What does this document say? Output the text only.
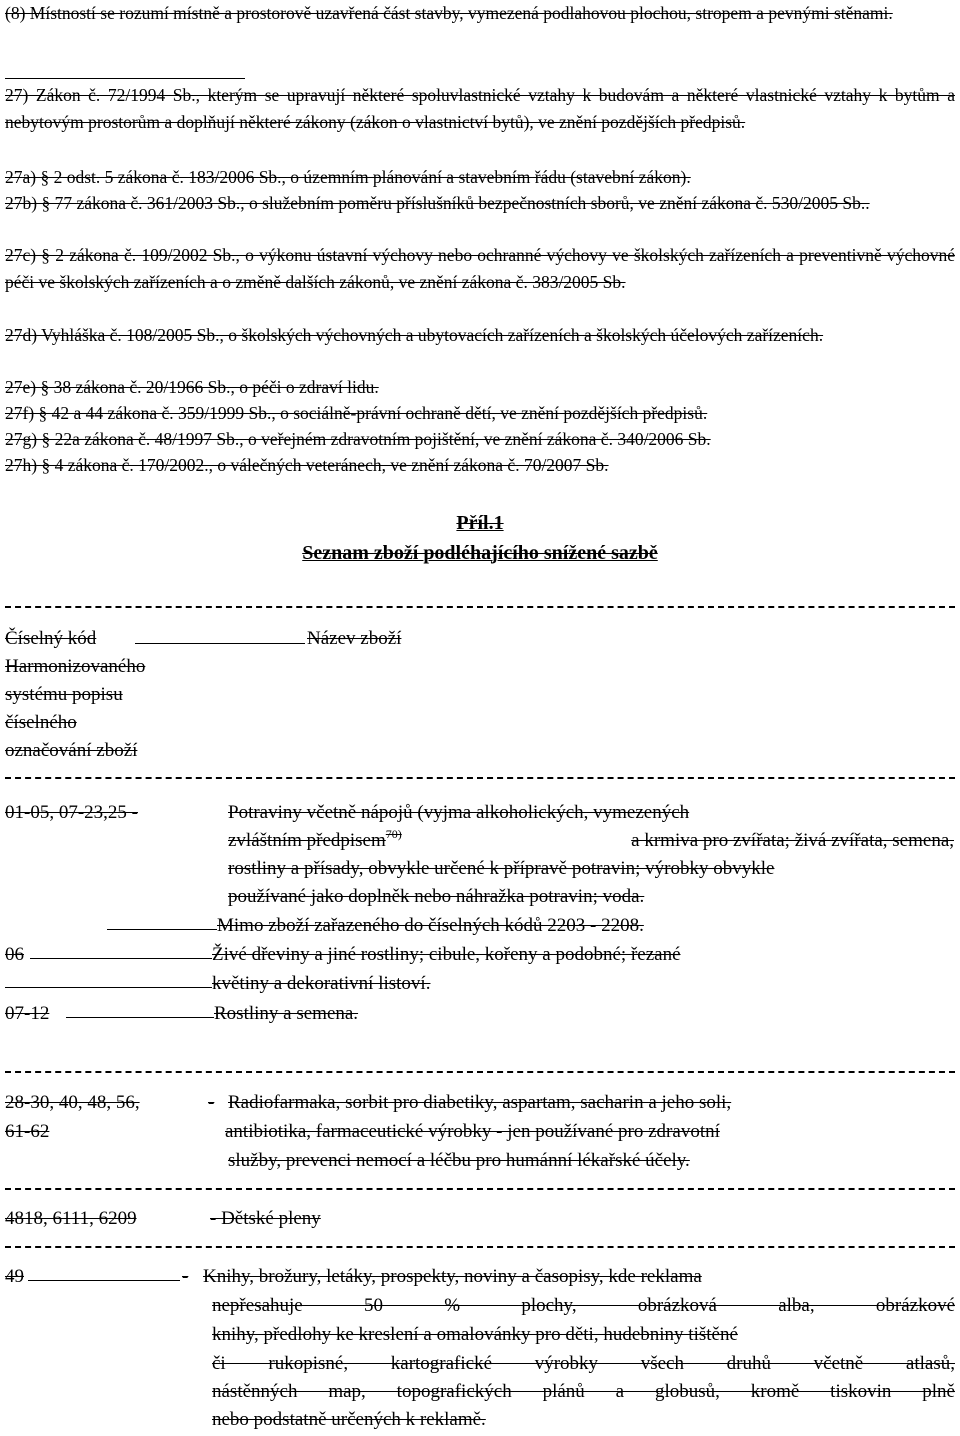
(8) Místností se rozumí místně a prostorově uzavřená část stavby, vymezená podlahovou plochou, stropem a pevnými stěnami.

27) Zákon č. 72/1994 Sb., kterým se upravují některé spoluvlastnické vztahy k budovám a některé vlastnické vztahy k bytům a nebytovým prostorům a doplňují některé zákony (zákon o vlastnictví bytů), ve znění pozdějších předpisů.

27a) § 2 odst. 5 zákona č. 183/2006 Sb., o územním plánování a stavebním řádu (stavební zákon).

27b) § 77 zákona č. 361/2003 Sb., o služebním poměru příslušníků bezpečnostních sborů, ve znění zákona č. 530/2005 Sb..

27c) § 2 zákona č. 109/2002 Sb., o výkonu ústavní výchovy nebo ochranné výchovy ve školských zařízeních a preventivně výchovné péči ve školských zařízeních a o změně dalších zákonů, ve znění zákona č. 383/2005 Sb.

27d) Vyhláška č. 108/2005 Sb., o školských výchovných a ubytovacích zařízeních a školských účelových zařízeních.

27e) § 38 zákona č. 20/1966 Sb., o péči o zdraví lidu.

27f) § 42 a 44 zákona č. 359/1999 Sb., o sociálně-právní ochraně dětí, ve znění pozdějších předpisů.

27g) § 22a zákona č. 48/1997 Sb., o veřejném zdravotním pojištění, ve znění zákona č. 340/2006 Sb.

27h) § 4 zákona č. 170/2002., o válečných veteránech, ve znění zákona č. 70/2007 Sb.

Příl.1
Seznam zboží podléhajícího snížené sazbě
Číselný kód
Harmonizovaného
systému popisu
číselného
označování zboží
Název zboží
01-05, 07-23,25 -	Potraviny včetně nápojů (vyjma alkoholických, vymezených
zvláštním předpisem$^{70)}$	a krmiva pro zvířata; živá zvířata, semena,
rostliny a přísady, obvykle určené k přípravě potravin; výrobky obvykle
používané jako doplněk nebo náhražka potravin; voda.
Mimo zboží zařazeného do číselných kódů 2203 - 2208.
06	Živé dřeviny a jiné rostliny; cibule, kořeny a podobné; řezané
květiny a dekorativní listoví.
07-12	Rostliny a semena.
28-30, 40, 48, 56,
61-62
- Radiofarmaka, sorbit pro diabetiky, aspartam, sacharin a jeho soli,
antibiotika, farmaceutické výrobky - jen používané pro zdravotní
služby, prevenci nemocí a léčbu pro humánní lékařské účely.
4818, 6111, 6209	- Dětské pleny
49	- Knihy, brožury, letáky, prospekty, noviny a časopisy, kde reklama
nepřesahuje 50 % plochy, obrázková alba, obrázkové
knihy, předlohy ke kreslení a omalovánky pro děti, hudebniny tištěné
či rukopisné, kartografické výrobky všech druhů včetně atlasů,
nástěnných map, topografických plánů a globusů, kromě tiskovin plně
nebo podstatně určených k reklamě.
